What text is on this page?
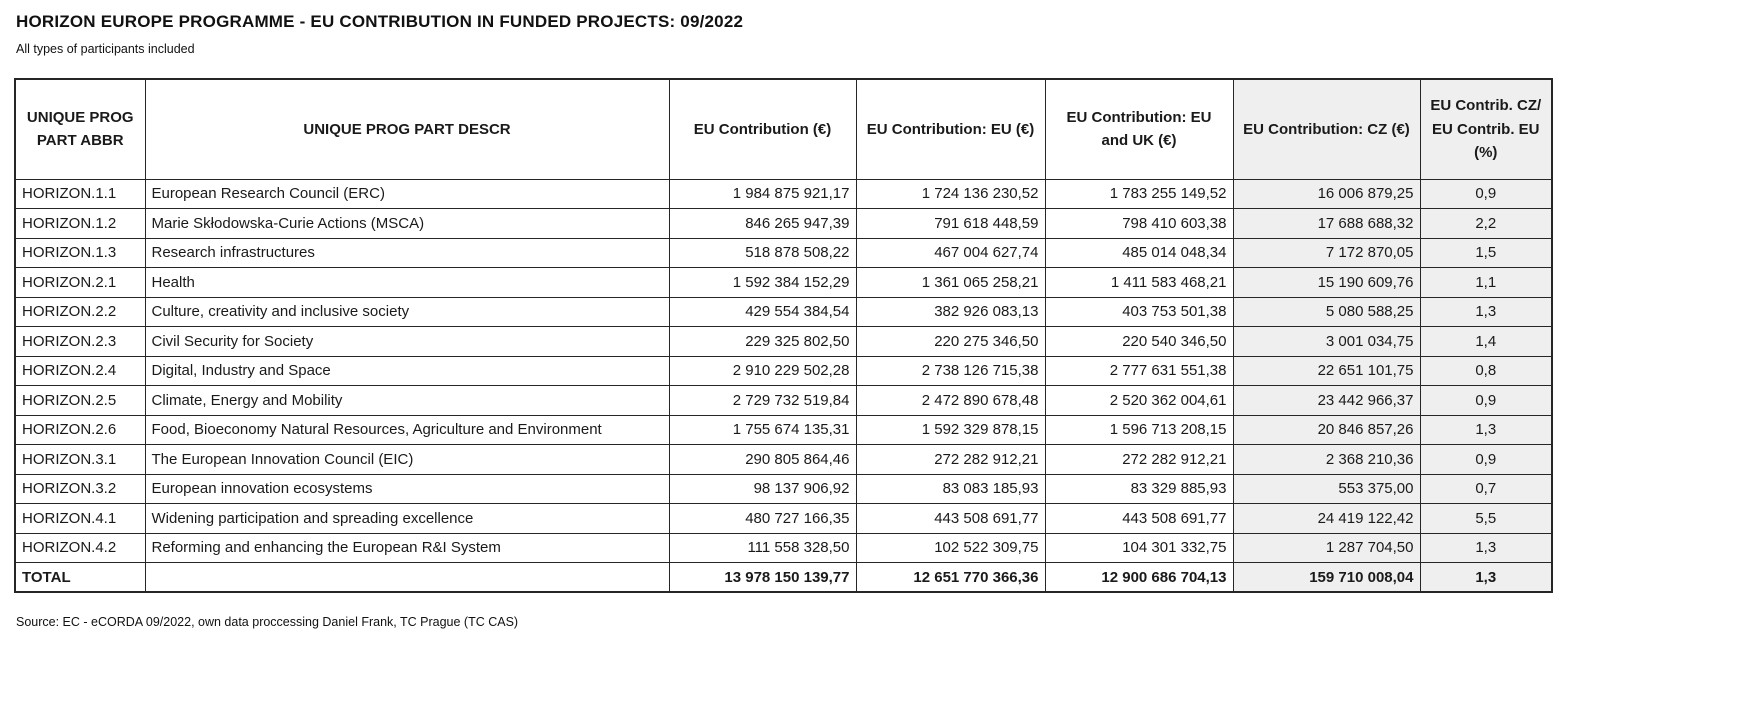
HORIZON EUROPE PROGRAMME - EU CONTRIBUTION IN FUNDED PROJECTS: 09/2022
All types of participants included
UNIQUE PROG PART ABBR	UNIQUE PROG PART DESCR	EU Contribution (€)	EU Contribution: EU (€)	EU Contribution: EU and UK (€)	EU Contribution: CZ (€)	EU Contrib. CZ/ EU Contrib. EU (%)
HORIZON.1.1	European Research Council (ERC)	1 984 875 921,17	1 724 136 230,52	1 783 255 149,52	16 006 879,25	0,9
HORIZON.1.2	Marie Skłodowska-Curie Actions (MSCA)	846 265 947,39	791 618 448,59	798 410 603,38	17 688 688,32	2,2
HORIZON.1.3	Research infrastructures	518 878 508,22	467 004 627,74	485 014 048,34	7 172 870,05	1,5
HORIZON.2.1	Health	1 592 384 152,29	1 361 065 258,21	1 411 583 468,21	15 190 609,76	1,1
HORIZON.2.2	Culture, creativity and inclusive society	429 554 384,54	382 926 083,13	403 753 501,38	5 080 588,25	1,3
HORIZON.2.3	Civil Security for Society	229 325 802,50	220 275 346,50	220 540 346,50	3 001 034,75	1,4
HORIZON.2.4	Digital, Industry and Space	2 910 229 502,28	2 738 126 715,38	2 777 631 551,38	22 651 101,75	0,8
HORIZON.2.5	Climate, Energy and Mobility	2 729 732 519,84	2 472 890 678,48	2 520 362 004,61	23 442 966,37	0,9
HORIZON.2.6	Food, Bioeconomy Natural Resources, Agriculture and Environment	1 755 674 135,31	1 592 329 878,15	1 596 713 208,15	20 846 857,26	1,3
HORIZON.3.1	The European Innovation Council (EIC)	290 805 864,46	272 282 912,21	272 282 912,21	2 368 210,36	0,9
HORIZON.3.2	European innovation ecosystems	98 137 906,92	83 083 185,93	83 329 885,93	553 375,00	0,7
HORIZON.4.1	Widening participation and spreading excellence	480 727 166,35	443 508 691,77	443 508 691,77	24 419 122,42	5,5
HORIZON.4.2	Reforming and enhancing the European R&I System	111 558 328,50	102 522 309,75	104 301 332,75	1 287 704,50	1,3
TOTAL		13 978 150 139,77	12 651 770 366,36	12 900 686 704,13	159 710 008,04	1,3
Source: EC - eCORDA 09/2022, own data proccessing Daniel Frank, TC Prague (TC CAS)
